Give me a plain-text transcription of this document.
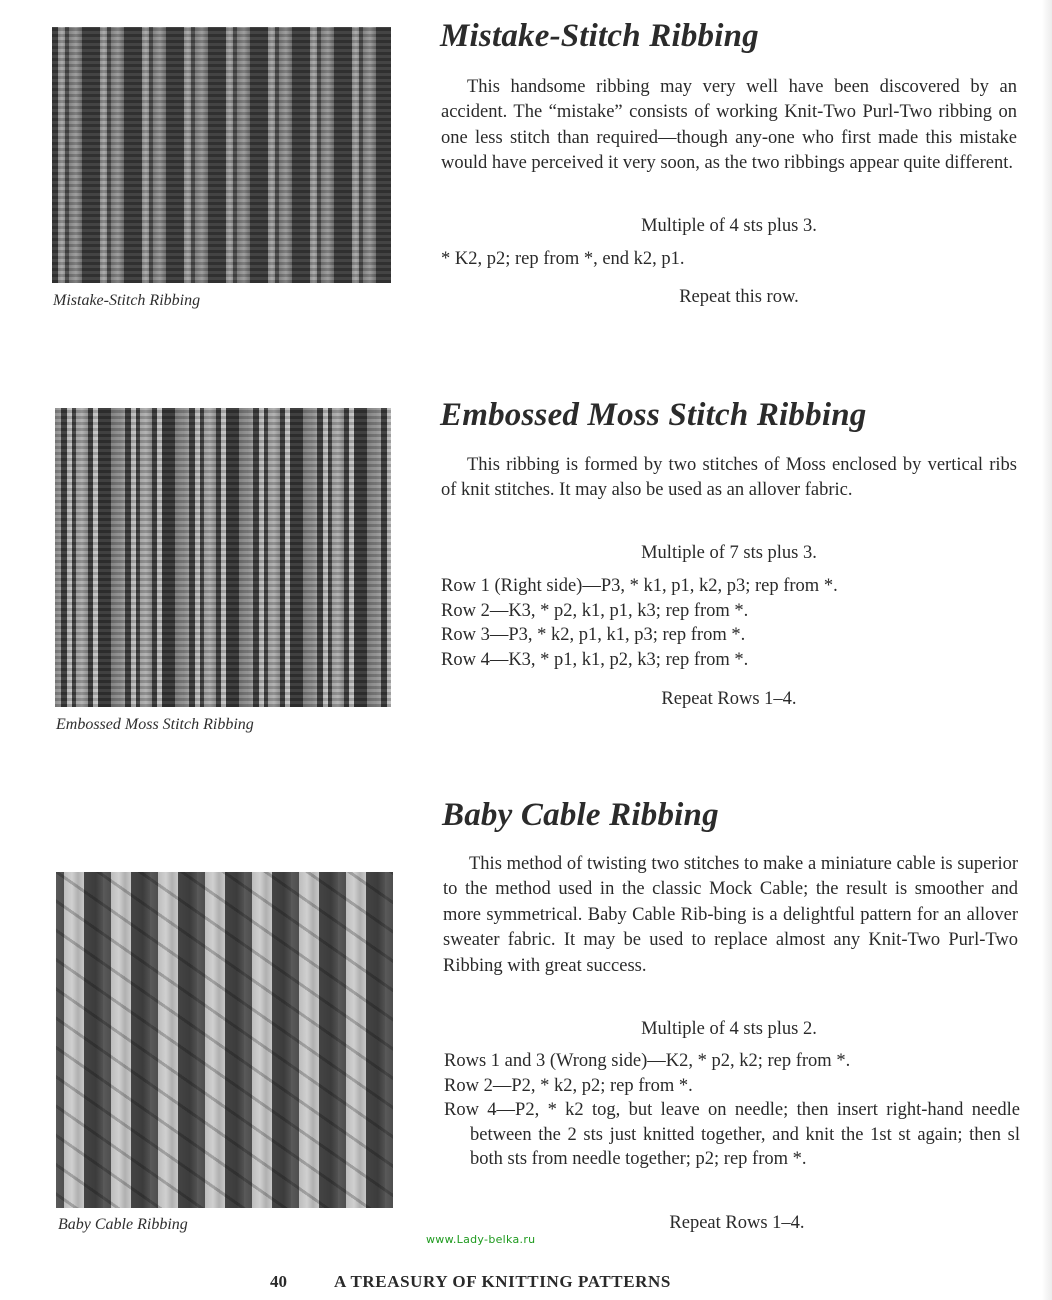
Mistake-Stitch Ribbing
Mistake-Stitch Ribbing

This handsome ribbing may very well have been discovered by an accident. The “mistake” consists of working Knit-Two Purl-Two ribbing on one less stitch than required—though any-one who first made this mistake would have perceived it very soon, as the two ribbings appear quite different.

Multiple of 4 sts plus 3.

* K2, p2; rep from *, end k2, p1.

Repeat this row.

Embossed Moss Stitch Ribbing
Embossed Moss Stitch Ribbing

This ribbing is formed by two stitches of Moss enclosed by vertical ribs of knit stitches. It may also be used as an allover fabric.

Multiple of 7 sts plus 3.

Row 1 (Right side)—P3, * k1, p1, k2, p3; rep from *.
Row 2—K3, * p2, k1, p1, k3; rep from *.
Row 3—P3, * k2, p1, k1, p3; rep from *.
Row 4—K3, * p1, k1, p2, k3; rep from *.

Repeat Rows 1–4.

Baby Cable Ribbing
Baby Cable Ribbing

This method of twisting two stitches to make a miniature cable is superior to the method used in the classic Mock Cable; the result is smoother and more symmetrical. Baby Cable Rib-bing is a delightful pattern for an allover sweater fabric. It may be used to replace almost any Knit-Two Purl-Two Ribbing with great success.

Multiple of 4 sts plus 2.

Rows 1 and 3 (Wrong side)—K2, * p2, k2; rep from *.
Row 2—P2, * k2, p2; rep from *.
Row 4—P2, * k2 tog, but leave on needle; then insert right-hand needle between the 2 sts just knitted together, and knit the 1st st again; then sl both sts from needle together; p2; rep from *.

Repeat Rows 1–4.

www.Lady-belka.ru
40	A TREASURY OF KNITTING PATTERNS
